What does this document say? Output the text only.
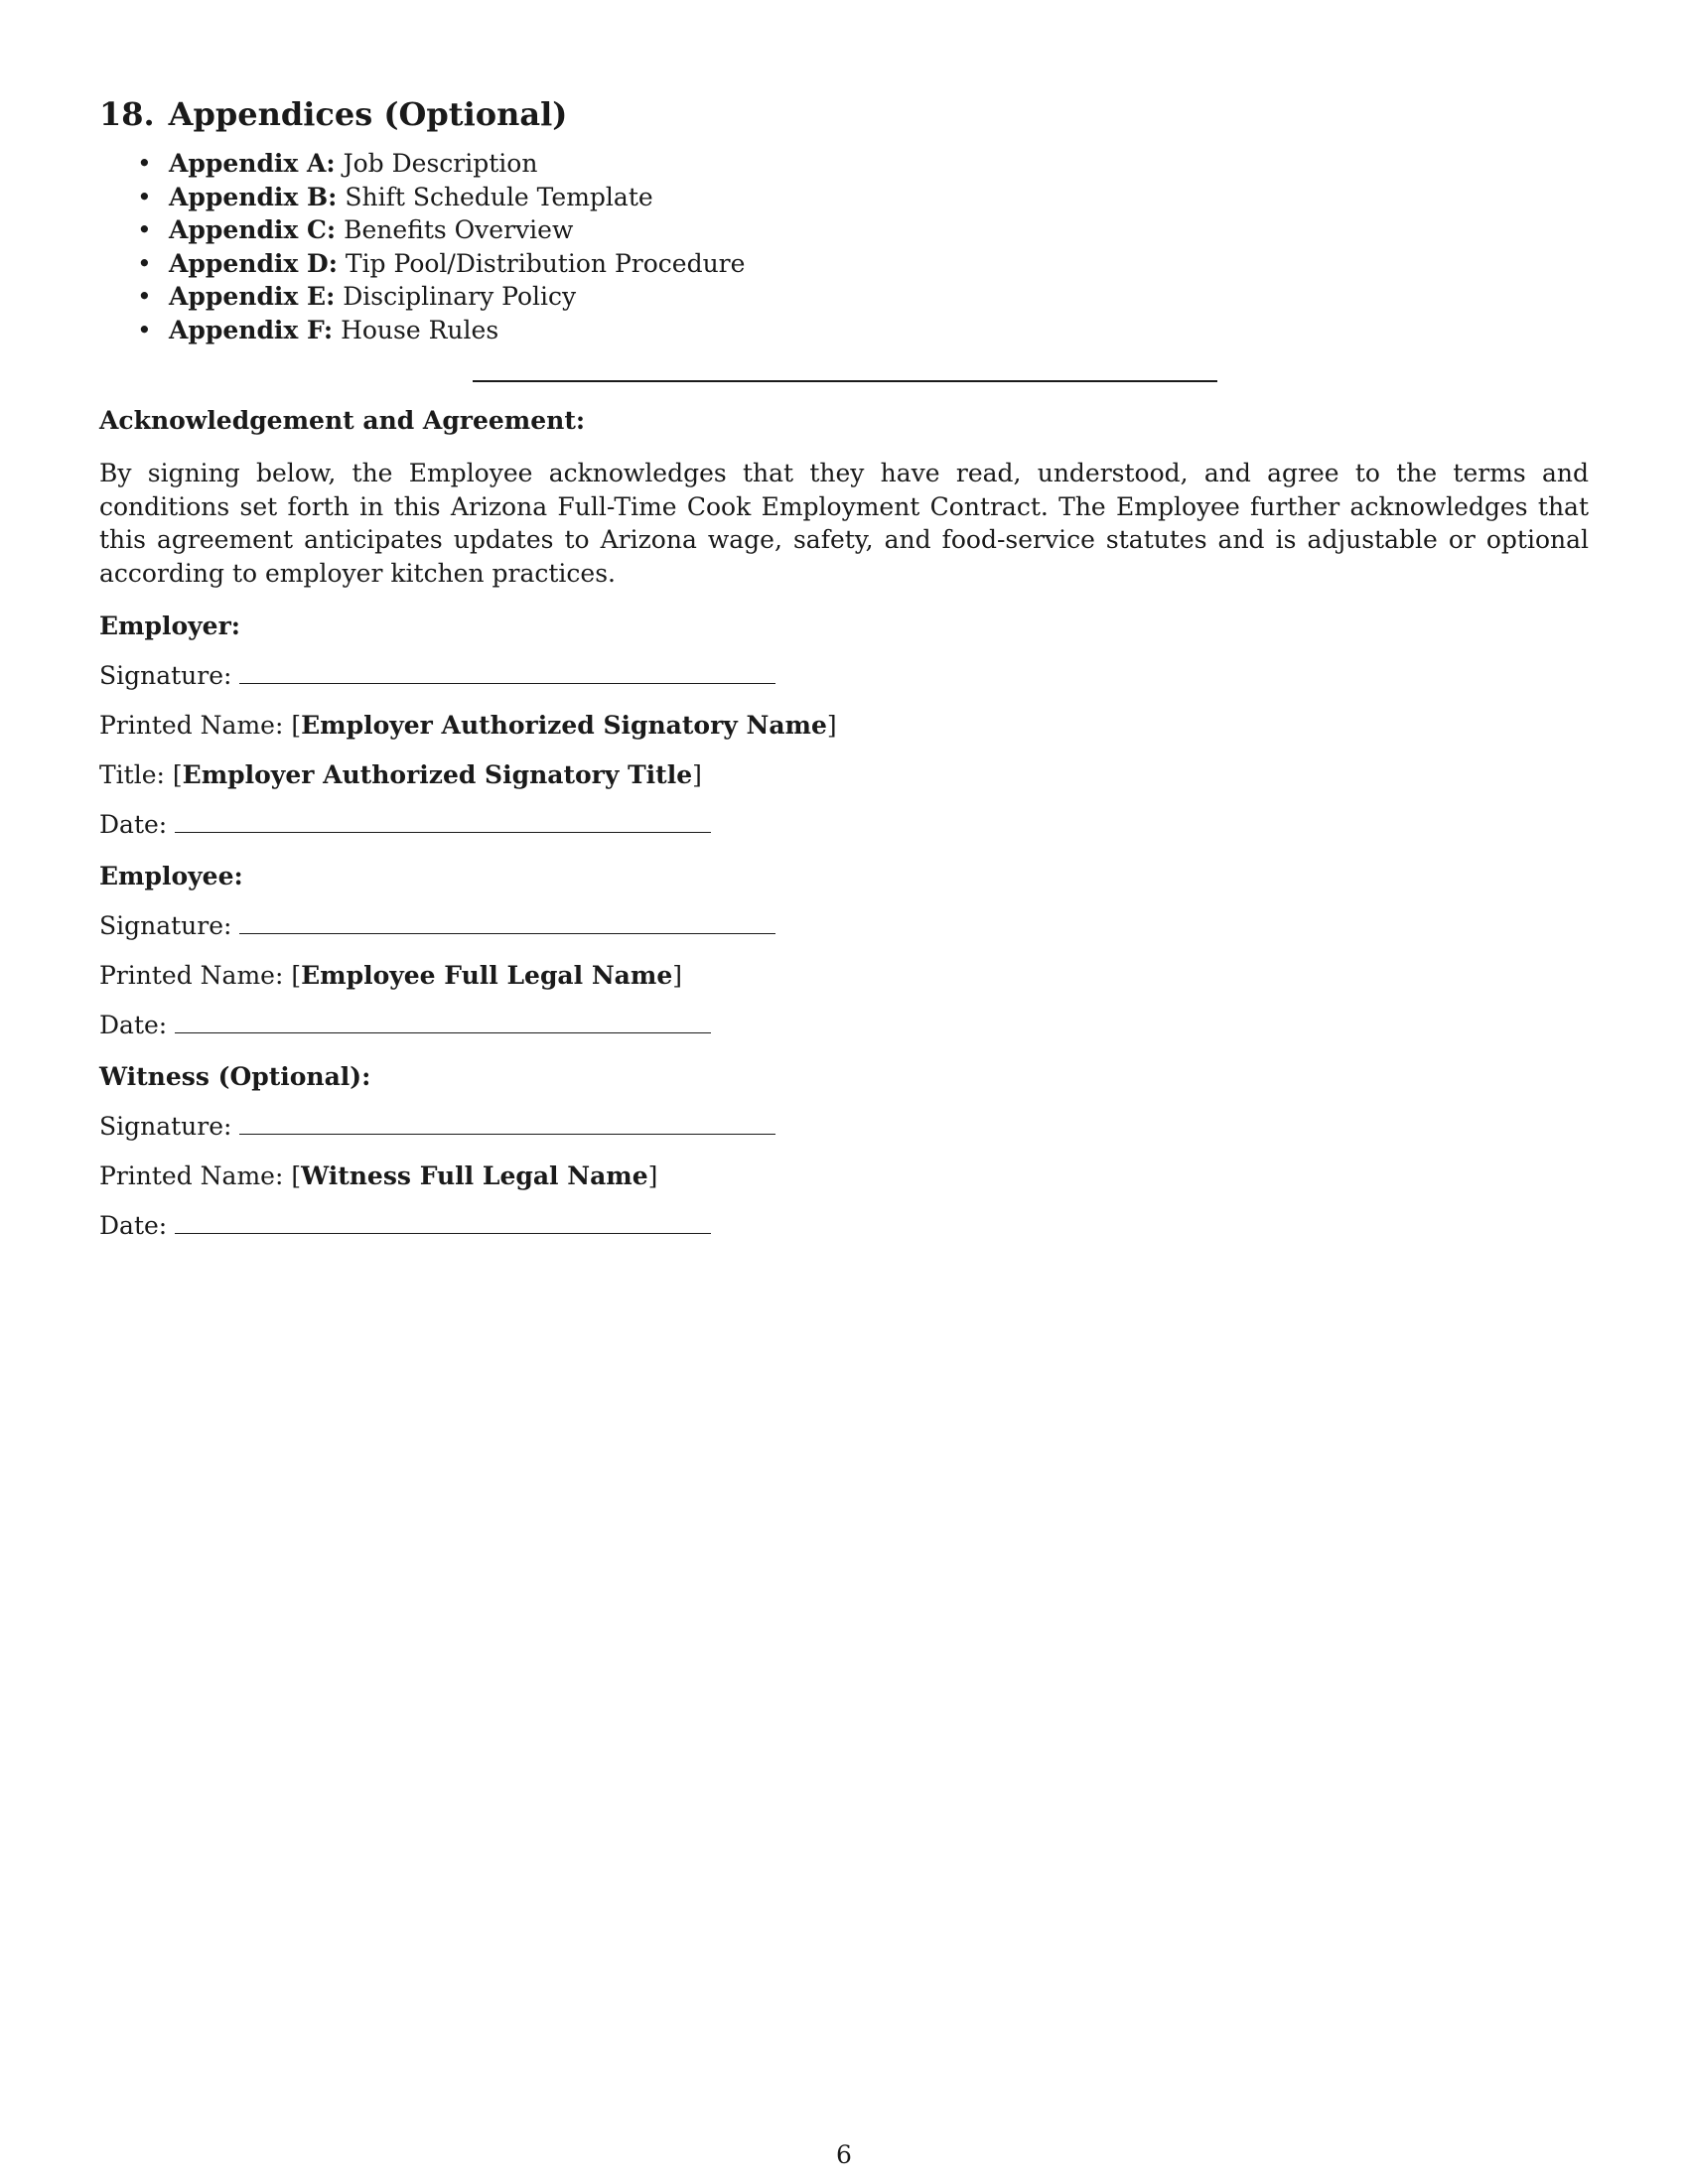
18. Appendices (Optional)
• Appendix A: Job Description
• Appendix B: Shift Schedule Template
• Appendix C: Benefits Overview
• Appendix D: Tip Pool/Distribution Procedure
• Appendix E: Disciplinary Policy
• Appendix F: House Rules
Acknowledgement and Agreement:

By signing below, the Employee acknowledges that they have read, understood, and agree to the terms and conditions set forth in this Arizona Full-Time Cook Employment Contract. The Employee further acknowledges that this agreement anticipates updates to Arizona wage, safety, and food-service statutes and is adjustable or optional according to employer kitchen practices.

Employer:
Signature:
Printed Name: [Employer Authorized Signatory Name]
Title: [Employer Authorized Signatory Title]
Date:
Employee:
Signature:
Printed Name: [Employee Full Legal Name]
Date:
Witness (Optional):
Signature:
Printed Name: [Witness Full Legal Name]
Date:
6
